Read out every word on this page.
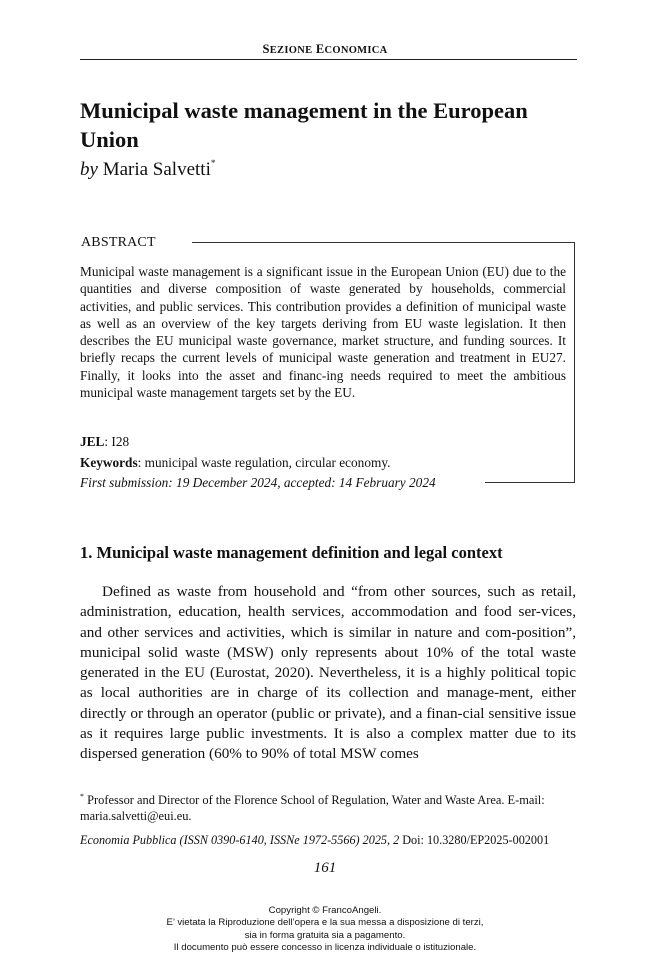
SEZIONE ECONOMICA
Municipal waste management in the European Union
by Maria Salvetti*
ABSTRACT
Municipal waste management is a significant issue in the European Union (EU) due to the quantities and diverse composition of waste generated by households, commercial activities, and public services. This contribution provides a definition of municipal waste as well as an overview of the key targets deriving from EU waste legislation. It then describes the EU municipal waste governance, market structure, and funding sources. It briefly recaps the current levels of municipal waste generation and treatment in EU27. Finally, it looks into the asset and financ-ing needs required to meet the ambitious municipal waste management targets set by the EU.
JEL: I28
Keywords: municipal waste regulation, circular economy.
First submission: 19 December 2024, accepted: 14 February 2024
1. Municipal waste management definition and legal context
Defined as waste from household and “from other sources, such as retail, administration, education, health services, accommodation and food ser-vices, and other services and activities, which is similar in nature and com-position”, municipal solid waste (MSW) only represents about 10% of the total waste generated in the EU (Eurostat, 2020). Nevertheless, it is a highly political topic as local authorities are in charge of its collection and manage-ment, either directly or through an operator (public or private), and a finan-cial sensitive issue as it requires large public investments. It is also a complex matter due to its dispersed generation (60% to 90% of total MSW comes
* Professor and Director of the Florence School of Regulation, Water and Waste Area. E-mail: maria.salvetti@eui.eu.
Economia Pubblica (ISSN 0390-6140, ISSNe 1972-5566) 2025, 2 Doi: 10.3280/EP2025-002001
161
Copyright © FrancoAngeli.
E’ vietata la Riproduzione dell’opera e la sua messa a disposizione di terzi,
sia in forma gratuita sia a pagamento.
Il documento può essere concesso in licenza individuale o istituzionale.
